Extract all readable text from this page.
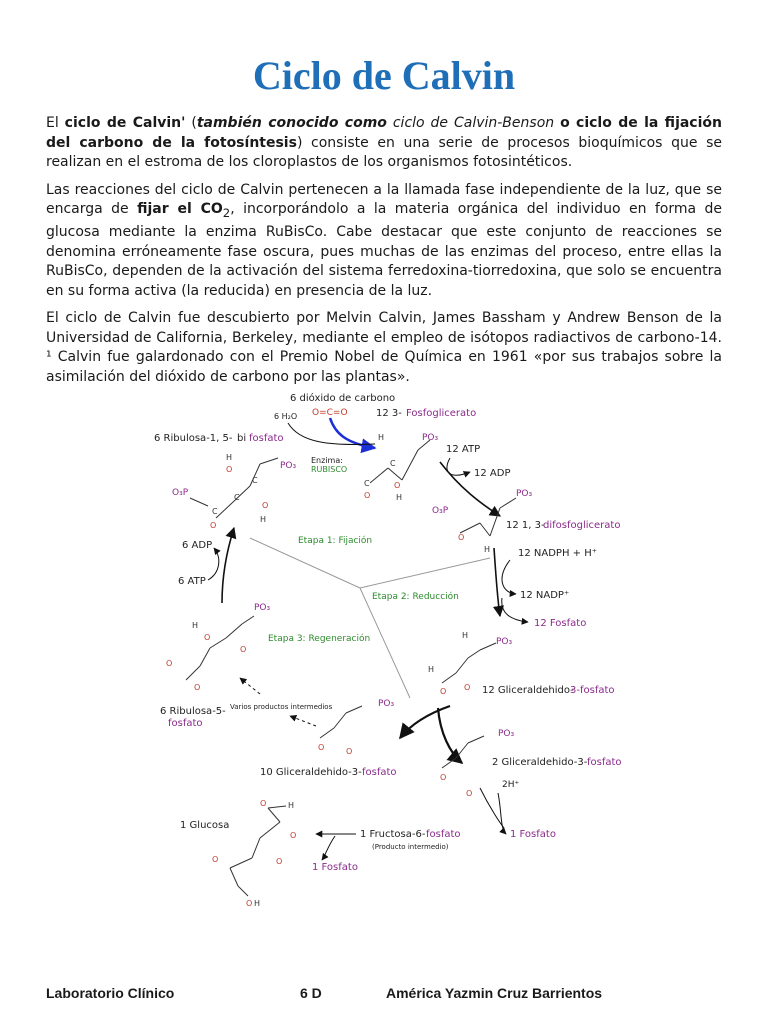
Ciclo de Calvin

El ciclo de Calvin' (también conocido como ciclo de Calvin-Benson o ciclo de la fijación del carbono de la fotosíntesis) consiste en una serie de procesos bioquímicos que se realizan en el estroma de los cloroplastos de los organismos fotosintéticos.

Las reacciones del ciclo de Calvin pertenecen a la llamada fase independiente de la luz, que se encarga de fijar el $CO_2$, incorporándolo a la materia orgánica del individuo en forma de glucosa mediante la enzima RuBisCo. Cabe destacar que este conjunto de reacciones se denomina erróneamente fase oscura, pues muchas de las enzimas del proceso, entre ellas la RuBisCo, dependen de la activación del sistema ferredoxina-tiorredoxina, que solo se encuentra en su forma activa (la reducida) en presencia de la luz.

El ciclo de Calvin fue descubierto por Melvin Calvin, James Bassham y Andrew Benson de la Universidad de California, Berkeley, mediante el empleo de isótopos radiactivos de carbono-14. ¹ Calvin fue galardonado con el Premio Nobel de Química en 1961 «por sus trabajos sobre la asimilación del dióxido de carbono por las plantas».

6 dióxido de carbono
O=C=O
6 H₂O	12 3- Fosfoglicerato
6 Ribulosa-1, 5- bi fosfato
PO₃
O₃P
C
C
C
O
O
O
H
H	Enzima:
RUBISCO
PO₃
C
C
O
O
H
H
12 ATP
12 ADP
PO₃
O₃P
O
H
12 1, 3-
difosfoglicerato
12 NADPH + H⁺
12 NADP⁺
12 Fosfato
PO₃
O O
H
H
12 Gliceraldehido-
3-fosfato
PO₃
O
O
2 Gliceraldehido-3- fosfato
2H⁺
1 Fosfato
1 Fructosa-6- fosfato
(Producto intermedio)
1 Fosfato
1 Glucosa
O	H
O
O	O
O H
PO₃
O	O
10 Gliceraldehido-3- fosfato
Varios productos intermedios
6 Ribulosa-5-
fosfato
PO₃
O
O
O
O
H
6 ADP
6 ATP
Etapa 1: Fijación
Etapa 2: Reducción
Etapa 3: Regeneración
Laboratorio Clínico	6 D	América Yazmin Cruz Barrientos
